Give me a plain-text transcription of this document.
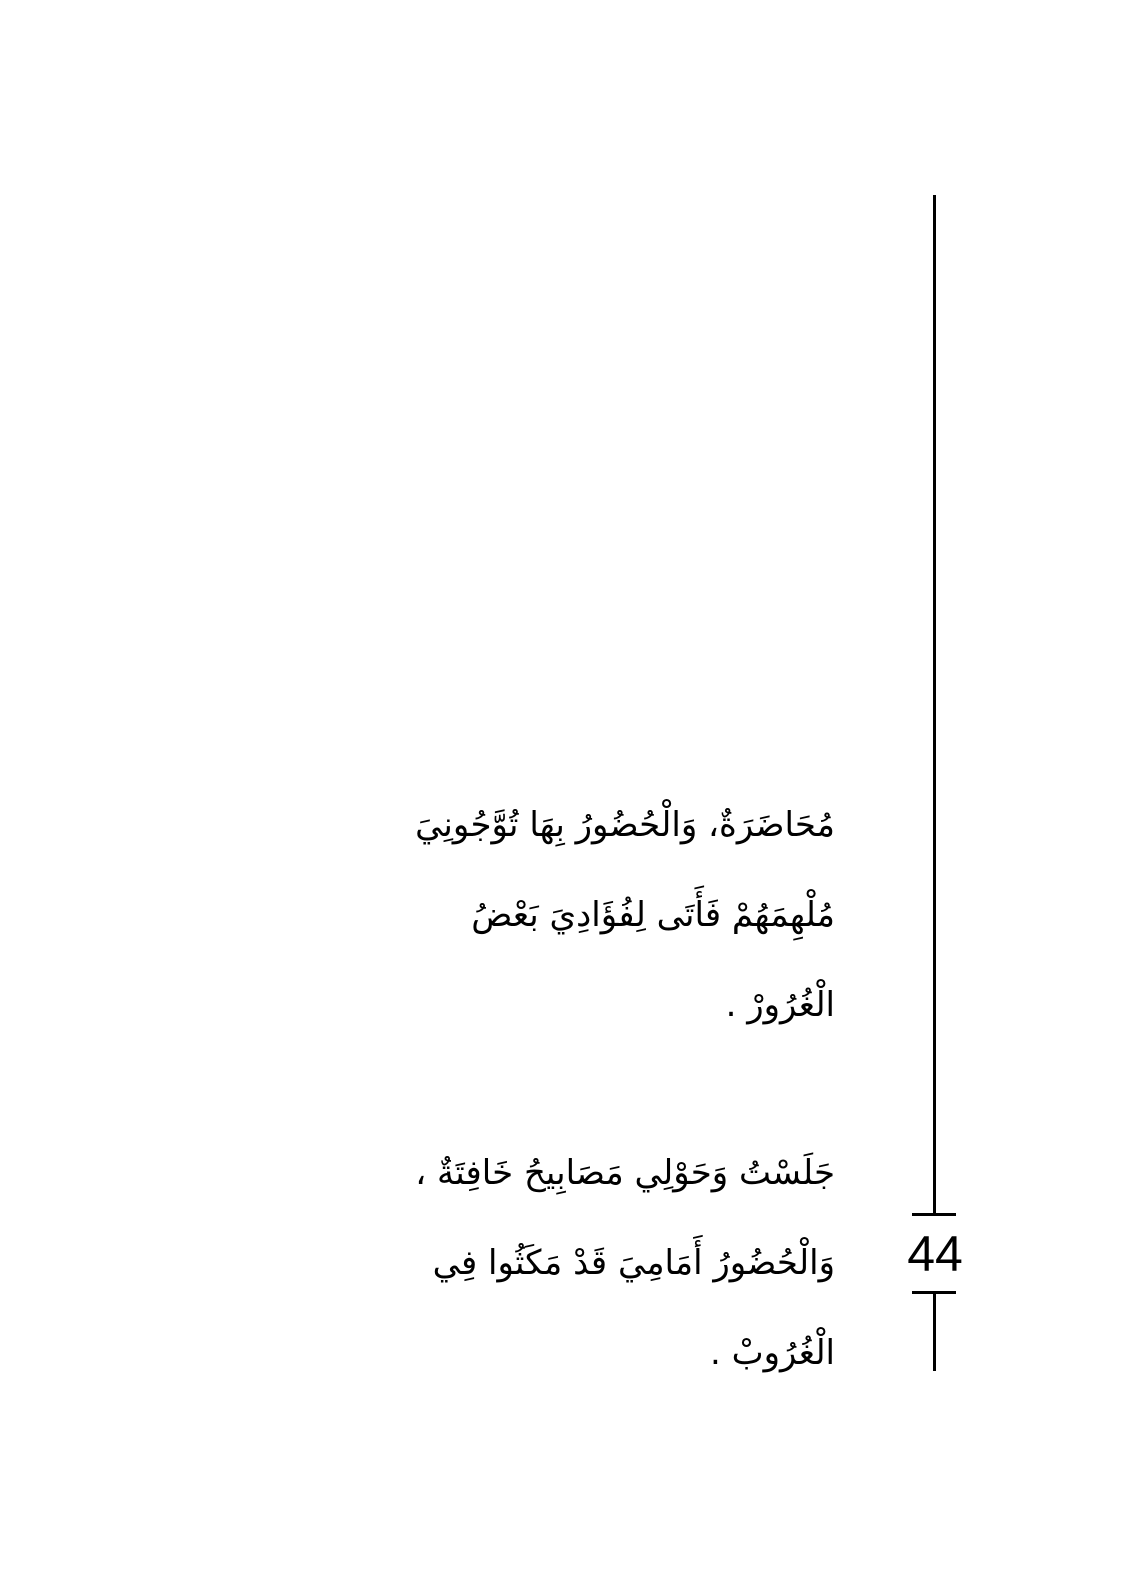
مُحَاضَرَةٌ، وَالْحُضُورُ بِهَا تُوَّجُونِيَ
مُلْهِمَهُمْ فَأَتَى لِفُؤَادِيَ بَعْضُ
الْغُرُورْ .
جَلَسْتُ وَحَوْلِي مَصَابِيحُ خَافِتَةٌ ،
وَالْحُضُورُ أَمَامِيَ قَدْ مَكَثُوا فِي
الْغُرُوبْ .
44
